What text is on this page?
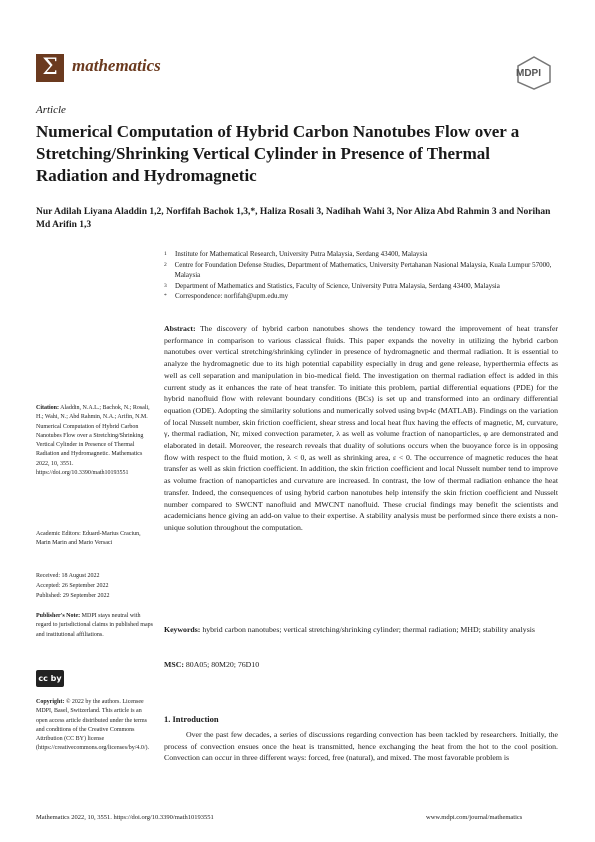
Σ mathematics	MDPI
Article
Numerical Computation of Hybrid Carbon Nanotubes Flow over a Stretching/Shrinking Vertical Cylinder in Presence of Thermal Radiation and Hydromagnetic
Nur Adilah Liyana Aladdin 1,2, Norfifah Bachok 1,3,*, Haliza Rosali 3, Nadihah Wahi 3, Nor Aliza Abd Rahmin 3 and Norihan Md Arifin 1,3
1	Institute for Mathematical Research, University Putra Malaysia, Serdang 43400, Malaysia
2	Centre for Foundation Defense Studies, Department of Mathematics, University Pertahanan Nasional Malaysia, Kuala Lumpur 57000, Malaysia
3	Department of Mathematics and Statistics, Faculty of Science, University Putra Malaysia, Serdang 43400, Malaysia
*	Correspondence: norfifah@upm.edu.my
Abstract: The discovery of hybrid carbon nanotubes shows the tendency toward the improvement of heat transfer performance in comparison to various classical fluids. This paper expands the novelty in utilizing the hybrid carbon nanotubes over vertical stretching/shrinking cylinder in presence of hydromagnetic and thermal radiation. It is essential to analyze the hydromagnetic due to its high potential capability especially in drug and gene release, hyperthermia effects as well as cell separation and manipulation in bio-medical field. The investigation on thermal radiation effect is added in this current study as it enhances the rate of heat transfer. To initiate this problem, partial differential equations (PDE) for the hybrid nanofluid flow with relevant boundary conditions (BCs) is set up and transformed into an ordinary differential equation (ODE). Adopting the similarity solutions and numerically solved using bvp4c (MATLAB). Findings on the variation of local Nusselt number, skin friction coefficient, shear stress and local heat flux having the effects of magnetic, M, curvature, γ, thermal radiation, Nr, mixed convection parameter, λ as well as volume fraction of nanoparticles, φ are demonstrated and elaborated in detail. Moreover, the research reveals that duality of solutions occurs when the buoyance force is in opposing flow with respect to the fluid motion, λ < 0, as well as shrinking area, ε < 0. The occurrence of magnetic reduces the heat transfer as well as skin friction coefficient. In addition, the skin friction coefficient and local Nusselt number tend to improve as volume fraction of nanoparticles and curvature are increased. In contrast, the low of thermal radiation enhance the heat transfer. Indeed, the consequences of using hybrid carbon nanotubes help intensify the skin friction coefficient and Nusselt number compared to SWCNT nanofluid and MWCNT nanofluid. These crucial findings may benefit the scientists and academicians hence giving an add-on value to their expertise. A stability analysis must be performed since there exists a non-unique solution throughout the computation.
Keywords: hybrid carbon nanotubes; vertical stretching/shrinking cylinder; thermal radiation; MHD; stability analysis
MSC: 80A05; 80M20; 76D10
Citation: Aladdin, N.A.L.; Bachok, N.; Rosali, H.; Wahi, N.; Abd Rahmin, N.A.; Arifin, N.M. Numerical Computation of Hybrid Carbon Nanotubes Flow over a Stretching/Shrinking Vertical Cylinder in Presence of Thermal Radiation and Hydromagnetic. Mathematics 2022, 10, 3551. https://doi.org/10.3390/math10193551
Academic Editors: Eduard-Marius Craciun, Marin Marin and Mario Versaci
Received: 18 August 2022
Accepted: 26 September 2022
Published: 29 September 2022
Publisher's Note: MDPI stays neutral with regard to jurisdictional claims in published maps and institutional affiliations.
cc by
Copyright: © 2022 by the authors. Licensee MDPI, Basel, Switzerland. This article is an open access article distributed under the terms and conditions of the Creative Commons Attribution (CC BY) license (https://creativecommons.org/licenses/by/4.0/).
1. Introduction
Over the past few decades, a series of discussions regarding convection has been tackled by researchers. Initially, the process of convection ensues once the heat is transmitted, hence exchanging the heat from the hot to the cool position. Convection can occur in three different ways: forced, free (natural), and mixed. The most favorable problem is
Mathematics 2022, 10, 3551. https://doi.org/10.3390/math10193551	www.mdpi.com/journal/mathematics
